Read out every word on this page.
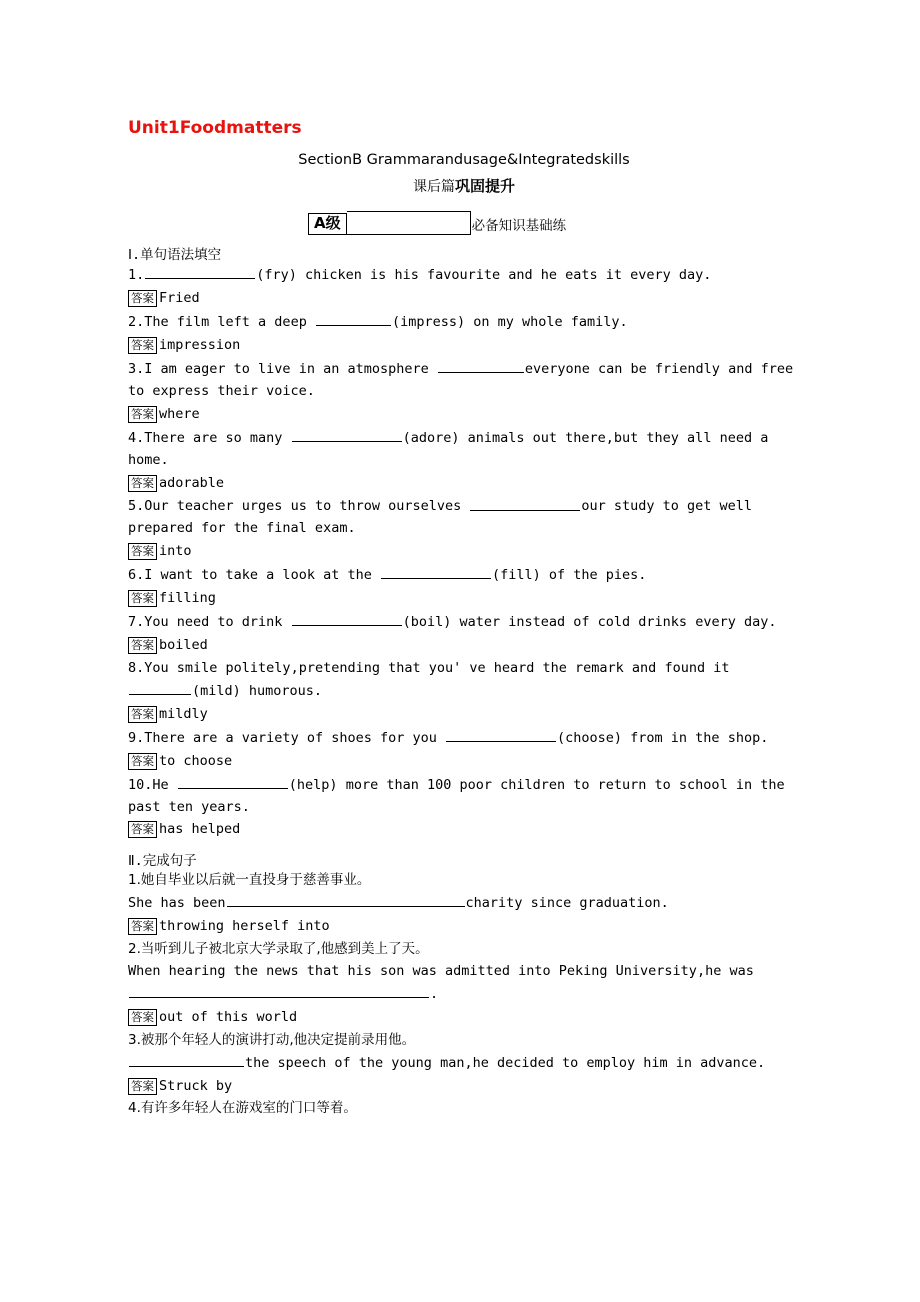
Unit1Foodmatters
SectionB Grammarandusage&Integratedskills
课后篇巩固提升
A级	必备知识基础练
Ⅰ.单句语法填空
1.	(fry) chicken is his favourite and he eats it every day.
答案 Fried
2.The film left a deep	(impress) on my whole family.
答案 impression
3.I am eager to live in an atmosphere	everyone can be friendly and free to express their voice.
答案 where
4.There are so many	(adore) animals out there,but they all need a home.
答案 adorable
5.Our teacher urges us to throw ourselves	our study to get well prepared for the final exam.
答案 into
6.I want to take a look at the	(fill) of the pies.
答案 filling
7.You need to drink	(boil) water instead of cold drinks every day.
答案 boiled
8.You smile politely,pretending that you' ve heard the remark and found it (mild) humorous.
答案 mildly
9.There are a variety of shoes for you	(choose) from in the shop.
答案 to choose
10.He	(help) more than 100 poor children to return to school in the past ten years.
答案 has helped
Ⅱ.完成句子
1.她自毕业以后就一直投身于慈善事业。
She has been	charity since graduation.
答案 throwing herself into
2.当听到儿子被北京大学录取了,他感到美上了天。
When hearing the news that his son was admitted into Peking University,he was.
答案 out of this world
3.被那个年轻人的演讲打动,他决定提前录用他。
the speech of the young man,he decided to employ him in advance.
答案 Struck by
4.有许多年轻人在游戏室的门口等着。
